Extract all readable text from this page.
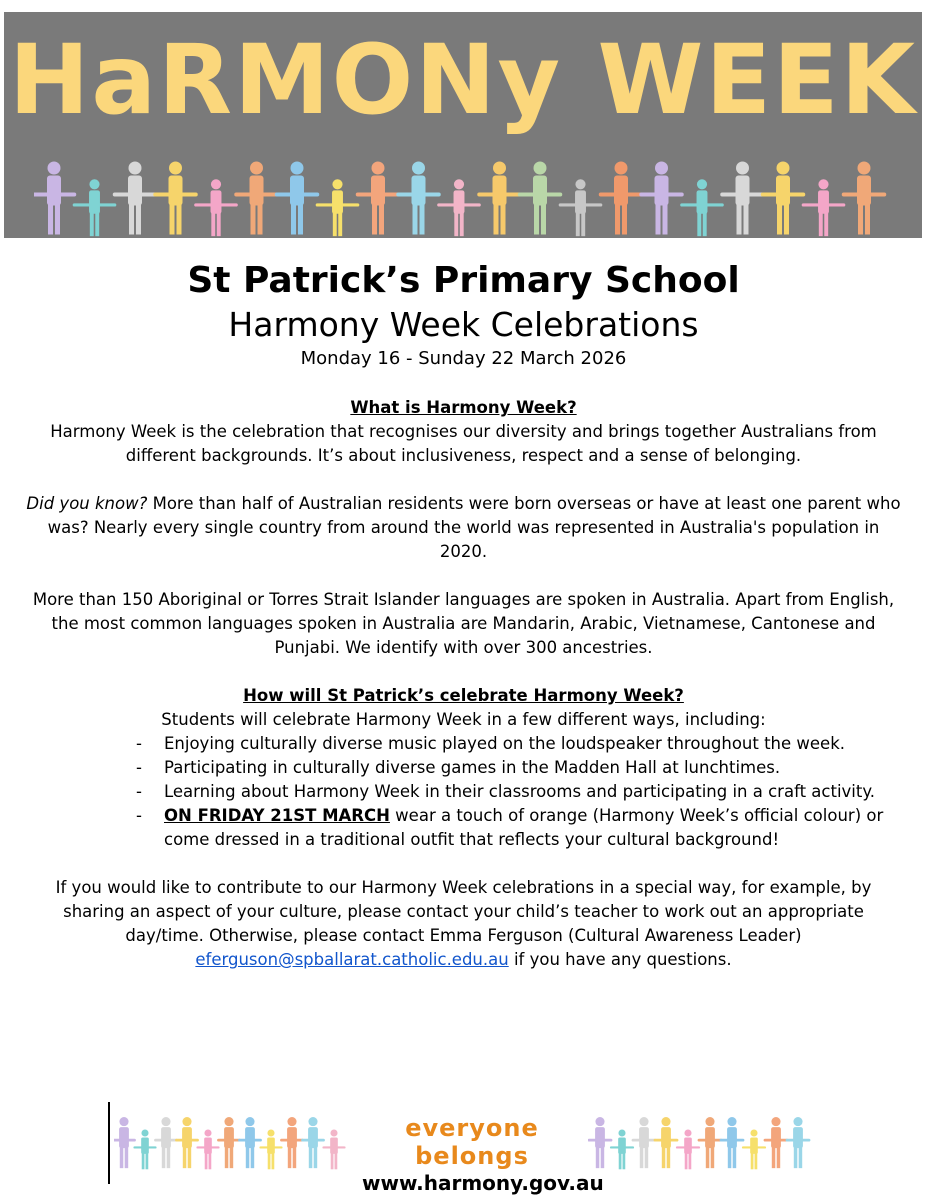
HaRMONy WEEK
St Patrick’s Primary School
Harmony Week Celebrations
Monday 16 - Sunday 22 March 2026
What is Harmony Week?
Harmony Week is the celebration that recognises our diversity and brings together Australians from different backgrounds. It’s about inclusiveness, respect and a sense of belonging.
Did you know? More than half of Australian residents were born overseas or have at least one parent who was? Nearly every single country from around the world was represented in Australia's population in 2020.
More than 150 Aboriginal or Torres Strait Islander languages are spoken in Australia. Apart from English, the most common languages spoken in Australia are Mandarin, Arabic, Vietnamese, Cantonese and Punjabi. We identify with over 300 ancestries.
How will St Patrick’s celebrate Harmony Week?
Students will celebrate Harmony Week in a few different ways, including:
- Enjoying culturally diverse music played on the loudspeaker throughout the week.
- Participating in culturally diverse games in the Madden Hall at lunchtimes.
- Learning about Harmony Week in their classrooms and participating in a craft activity.
- ON FRIDAY 21ST MARCH wear a touch of orange (Harmony Week’s official colour) or come dressed in a traditional outfit that reflects your cultural background!
If you would like to contribute to our Harmony Week celebrations in a special way, for example, by sharing an aspect of your culture, please contact your child’s teacher to work out an appropriate day/time. Otherwise, please contact Emma Ferguson (Cultural Awareness Leader) eferguson@spballarat.catholic.edu.au if you have any questions.
everyone belongs
www.harmony.gov.au
